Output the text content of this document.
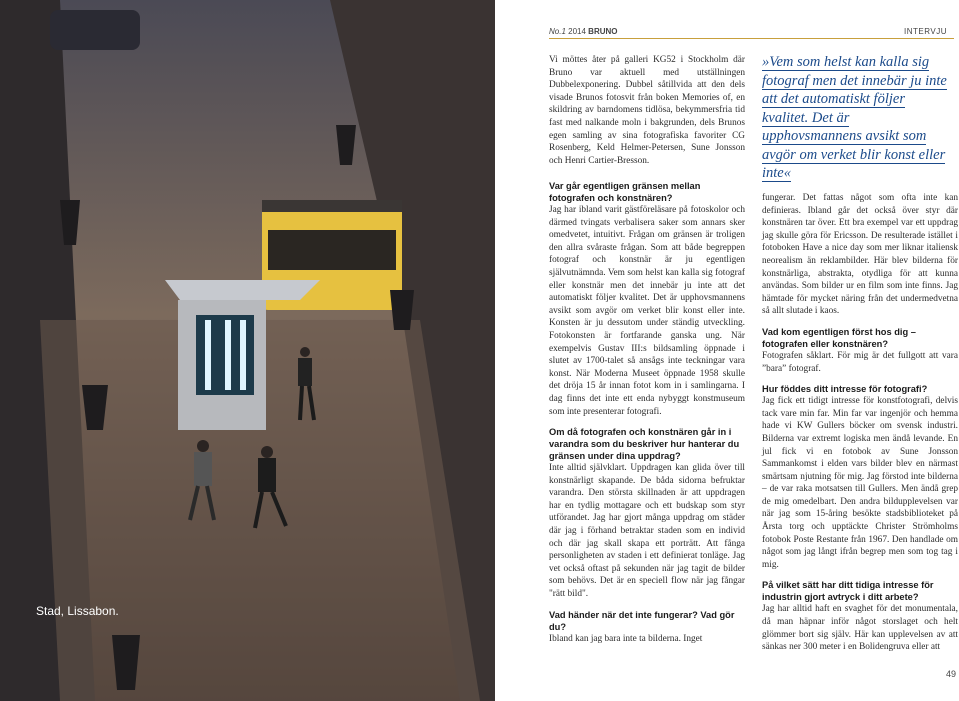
Stad, Lissabon.
No.1 2014 BRUNO	INTERVJU

Vi möttes åter på galleri KG52 i Stockholm där Bruno var aktuell med utställningen Dubbelexponering. Dubbel såtillvida att den dels visade Brunos fotosvit från boken Memories of, en skildring av barndomens tidlösa, bekymmersfria tid fast med nalkande moln i bakgrunden, dels Brunos egen samling av sina fotografiska favoriter CG Rosenberg, Keld Helmer-Petersen, Sune Jonsson och Henri Cartier-Bresson.

»Vem som helst kan kalla sig fotograf men det innebär ju inte att det automatiskt följer kvalitet. Det är upphovsmannens avsikt som avgör om verket blir konst eller inte«

Var går egentligen gränsen mellan fotografen och konstnären?

Jag har ibland varit gästföreläsare på fotoskolor och därmed tvingats verbalisera saker som annars sker omedvetet, intuitivt. Frågan om gränsen är troligen den allra svåraste frågan. Som att både begreppen fotograf och konstnär är ju egentligen självutnämnda. Vem som helst kan kalla sig fotograf eller konstnär men det innebär ju inte att det automatiskt följer kvalitet. Det är upphovsmannens avsikt som avgör om verket blir konst eller inte. Konsten är ju dessutom under ständig utveckling. Fotokonsten är fortfarande ganska ung. När exempelvis Gustav III:s bildsamling öppnade i slutet av 1700-talet så ansågs inte teckningar vara konst. När Moderna Museet öppnade 1958 skulle det dröja 15 år innan fotot kom in i samlingarna. I dag finns det inte ett enda nybyggt konstmuseum som inte presenterar fotografi.

Om då fotografen och konstnären går in i varandra som du beskriver hur hanterar du gränsen under dina uppdrag?

Inte alltid självklart. Uppdragen kan glida över till konstnärligt skapande. De båda sidorna befruktar varandra. Den största skillnaden är att uppdragen har en tydlig mottagare och ett budskap som styr utförandet. Jag har gjort många uppdrag om städer där jag i förhand betraktar staden som en individ och där jag skall skapa ett porträtt. Att fånga personligheten av staden i ett definierat tonläge. Jag vet också oftast på sekunden när jag tagit de bilder som behövs. Det är en speciell flow när jag fångar "rätt bild".

Vad händer när det inte fungerar? Vad gör du?

Ibland kan jag bara inte ta bilderna. Inget

fungerar. Det fattas något som ofta inte kan definieras. Ibland går det också över styr där konstnären tar över. Ett bra exempel var ett uppdrag jag skulle göra för Ericsson. De resulterade istället i fotoboken Have a nice day som mer liknar italiensk neorealism än reklambilder. Här blev bilderna för konstnärliga, abstrakta, otydliga för att kunna användas. Som bilder ur en film som inte finns. Jag hämtade för mycket näring från det undermedvetna så allt slutade i kaos.

Vad kom egentligen först hos dig – fotografen eller konstnären?

Fotografen såklart. För mig är det fullgott att vara ”bara” fotograf.

Hur föddes ditt intresse för fotografi?

Jag fick ett tidigt intresse för konstfotografi, delvis tack vare min far. Min far var ingenjör och hemma hade vi KW Gullers böcker om svensk industri. Bilderna var extremt logiska men ändå levande. En jul fick vi en fotobok av Sune Jonsson Sammankomst i elden vars bilder blev en närmast smärtsam njutning för mig. Jag förstod inte bilderna – de var raka motsatsen till Gullers. Men ändå grep de mig omedelbart. Den andra bildupplevelsen var när jag som 15-åring besökte stadsbiblioteket på Årsta torg och upptäckte Christer Strömholms fotobok Poste Restante från 1967. Den handlade om något som jag långt ifrån begrep men som tog tag i mig.

På vilket sätt har ditt tidiga intresse för industrin gjort avtryck i ditt arbete?

Jag har alltid haft en svaghet för det monumentala, då man häpnar inför något storslaget och helt glömmer bort sig själv. Här kan upplevelsen av att sänkas ner 300 meter i en Bolidengruva eller att

49
